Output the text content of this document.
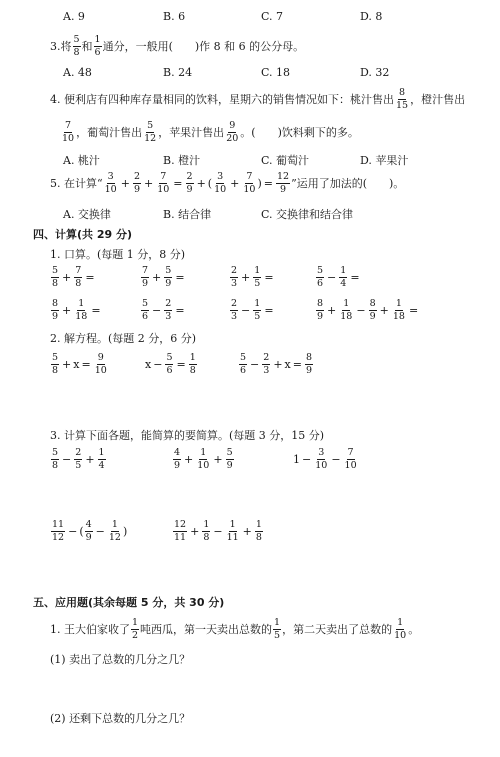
A. 9	B. 6	C. 7	D. 8
3. 将 $\frac{5}{8}$ 和 $\frac{1}{6}$ 通分，一般用(　　)作 8 和 6 的公分母。
A. 48	B. 24	C. 18	D. 32
4. 便利店有四种库存量相同的饮料，星期六的销售情况如下：桃汁售出 $\frac{8}{15}$ ，橙汁售出
$\frac{7}{10}$ ，葡萄汁售出 $\frac{5}{12}$ ，苹果汁售出 $\frac{9}{20}$ 。(　　)饮料剩下的多。
A. 桃汁	B. 橙汁	C. 葡萄汁	D. 苹果汁
5. 在计算“ $\frac{3}{10} + \frac{2}{9} + \frac{7}{10} = \frac{2}{9}$ + ( $\frac{3}{10} + \frac{7}{10}$ ) = $\frac{12}{9}$ ”运用了加法的(　　)。
A. 交换律	B. 结合律	C. 交换律和结合律
四、计算(共 29 分)
1. 口算。(每题 1 分，8 分)
$\frac{5}{8} + \frac{7}{8}$ =	$\frac{7}{9} + \frac{5}{9}$ =	$\frac{2}{3} + \frac{1}{5}$ =	$\frac{5}{6} - \frac{1}{4}$ =
$\frac{8}{9} + \frac{1}{18}$ =	$\frac{5}{6} - \frac{2}{3}$ =	$\frac{2}{3} - \frac{1}{5}$ =	$\frac{8}{9} + \frac{1}{18} - \frac{8}{9} + \frac{1}{18}$ =
2. 解方程。(每题 2 分，6 分)
$\frac{5}{8} + x = \frac{9}{10}$	$x - \frac{5}{6} = \frac{1}{8}$	$\frac{5}{6} - \frac{2}{3} + x = \frac{8}{9}$
3. 计算下面各题，能简算的要简算。(每题 3 分，15 分)
$\frac{5}{8} - \frac{2}{5} + \frac{1}{4}$	$\frac{4}{9} + \frac{1}{10} + \frac{5}{9}$	$1 - \frac{3}{10} - \frac{7}{10}$
$\frac{11}{12}$ − ( $\frac{4}{9} - \frac{1}{12}$ )	$\frac{12}{11} + \frac{1}{8} - \frac{1}{11} + \frac{1}{8}$
五、应用题(其余每题 5 分，共 30 分)
1. 王大伯家收了 $\frac{1}{2}$ 吨西瓜，第一天卖出总数的 $\frac{1}{5}$ ，第二天卖出了总数的 $\frac{1}{10}$ 。
(1) 卖出了总数的几分之几？
(2) 还剩下总数的几分之几？
